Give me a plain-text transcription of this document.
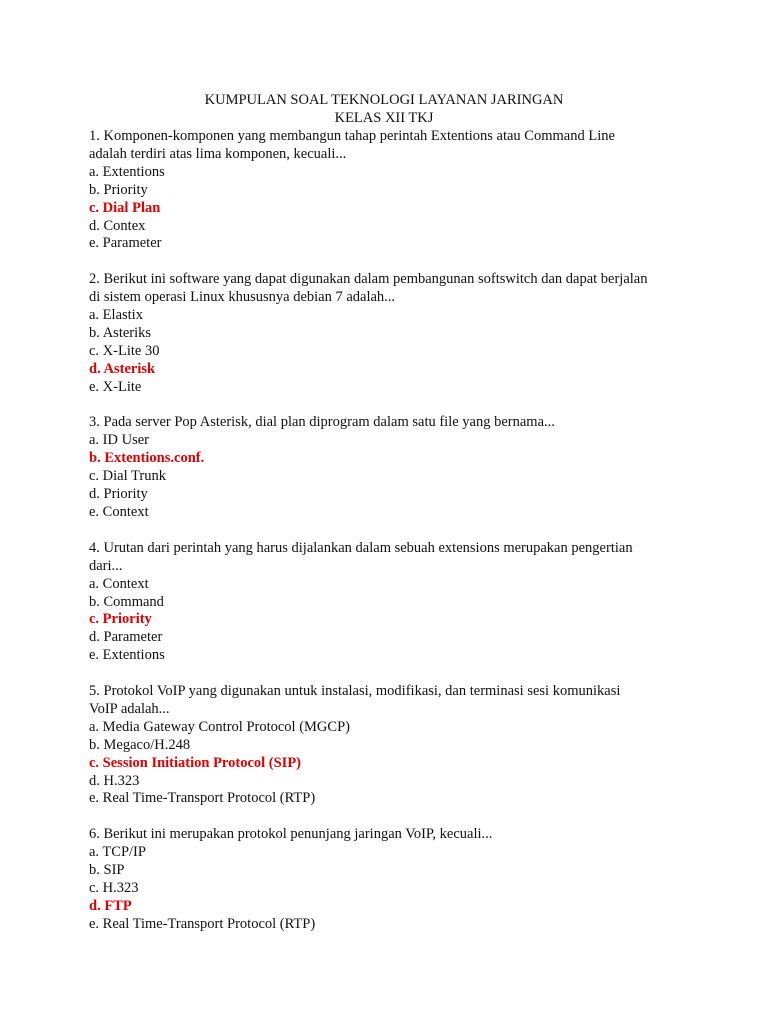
KUMPULAN SOAL TEKNOLOGI LAYANAN JARINGAN
KELAS XII TKJ
1. Komponen-komponen yang membangun tahap perintah Extentions atau Command Line
adalah terdiri atas lima komponen, kecuali...
a. Extentions
b. Priority
c. Dial Plan
d. Contex
e. Parameter
2. Berikut ini software yang dapat digunakan dalam pembangunan softswitch dan dapat berjalan
di sistem operasi Linux khususnya debian 7 adalah...
a. Elastix
b. Asteriks
c. X-Lite 30
d. Asterisk
e. X-Lite
3. Pada server Pop Asterisk, dial plan diprogram dalam satu file yang bernama...
a. ID User
b. Extentions.conf.
c. Dial Trunk
d. Priority
e. Context
4. Urutan dari perintah yang harus dijalankan dalam sebuah extensions merupakan pengertian
dari...
a. Context
b. Command
c. Priority
d. Parameter
e. Extentions
5. Protokol VoIP yang digunakan untuk instalasi, modifikasi, dan terminasi sesi komunikasi
VoIP adalah...
a. Media Gateway Control Protocol (MGCP)
b. Megaco/H.248
c. Session Initiation Protocol (SIP)
d. H.323
e. Real Time-Transport Protocol (RTP)
6. Berikut ini merupakan protokol penunjang jaringan VoIP, kecuali...
a. TCP/IP
b. SIP
c. H.323
d. FTP
e. Real Time-Transport Protocol (RTP)
